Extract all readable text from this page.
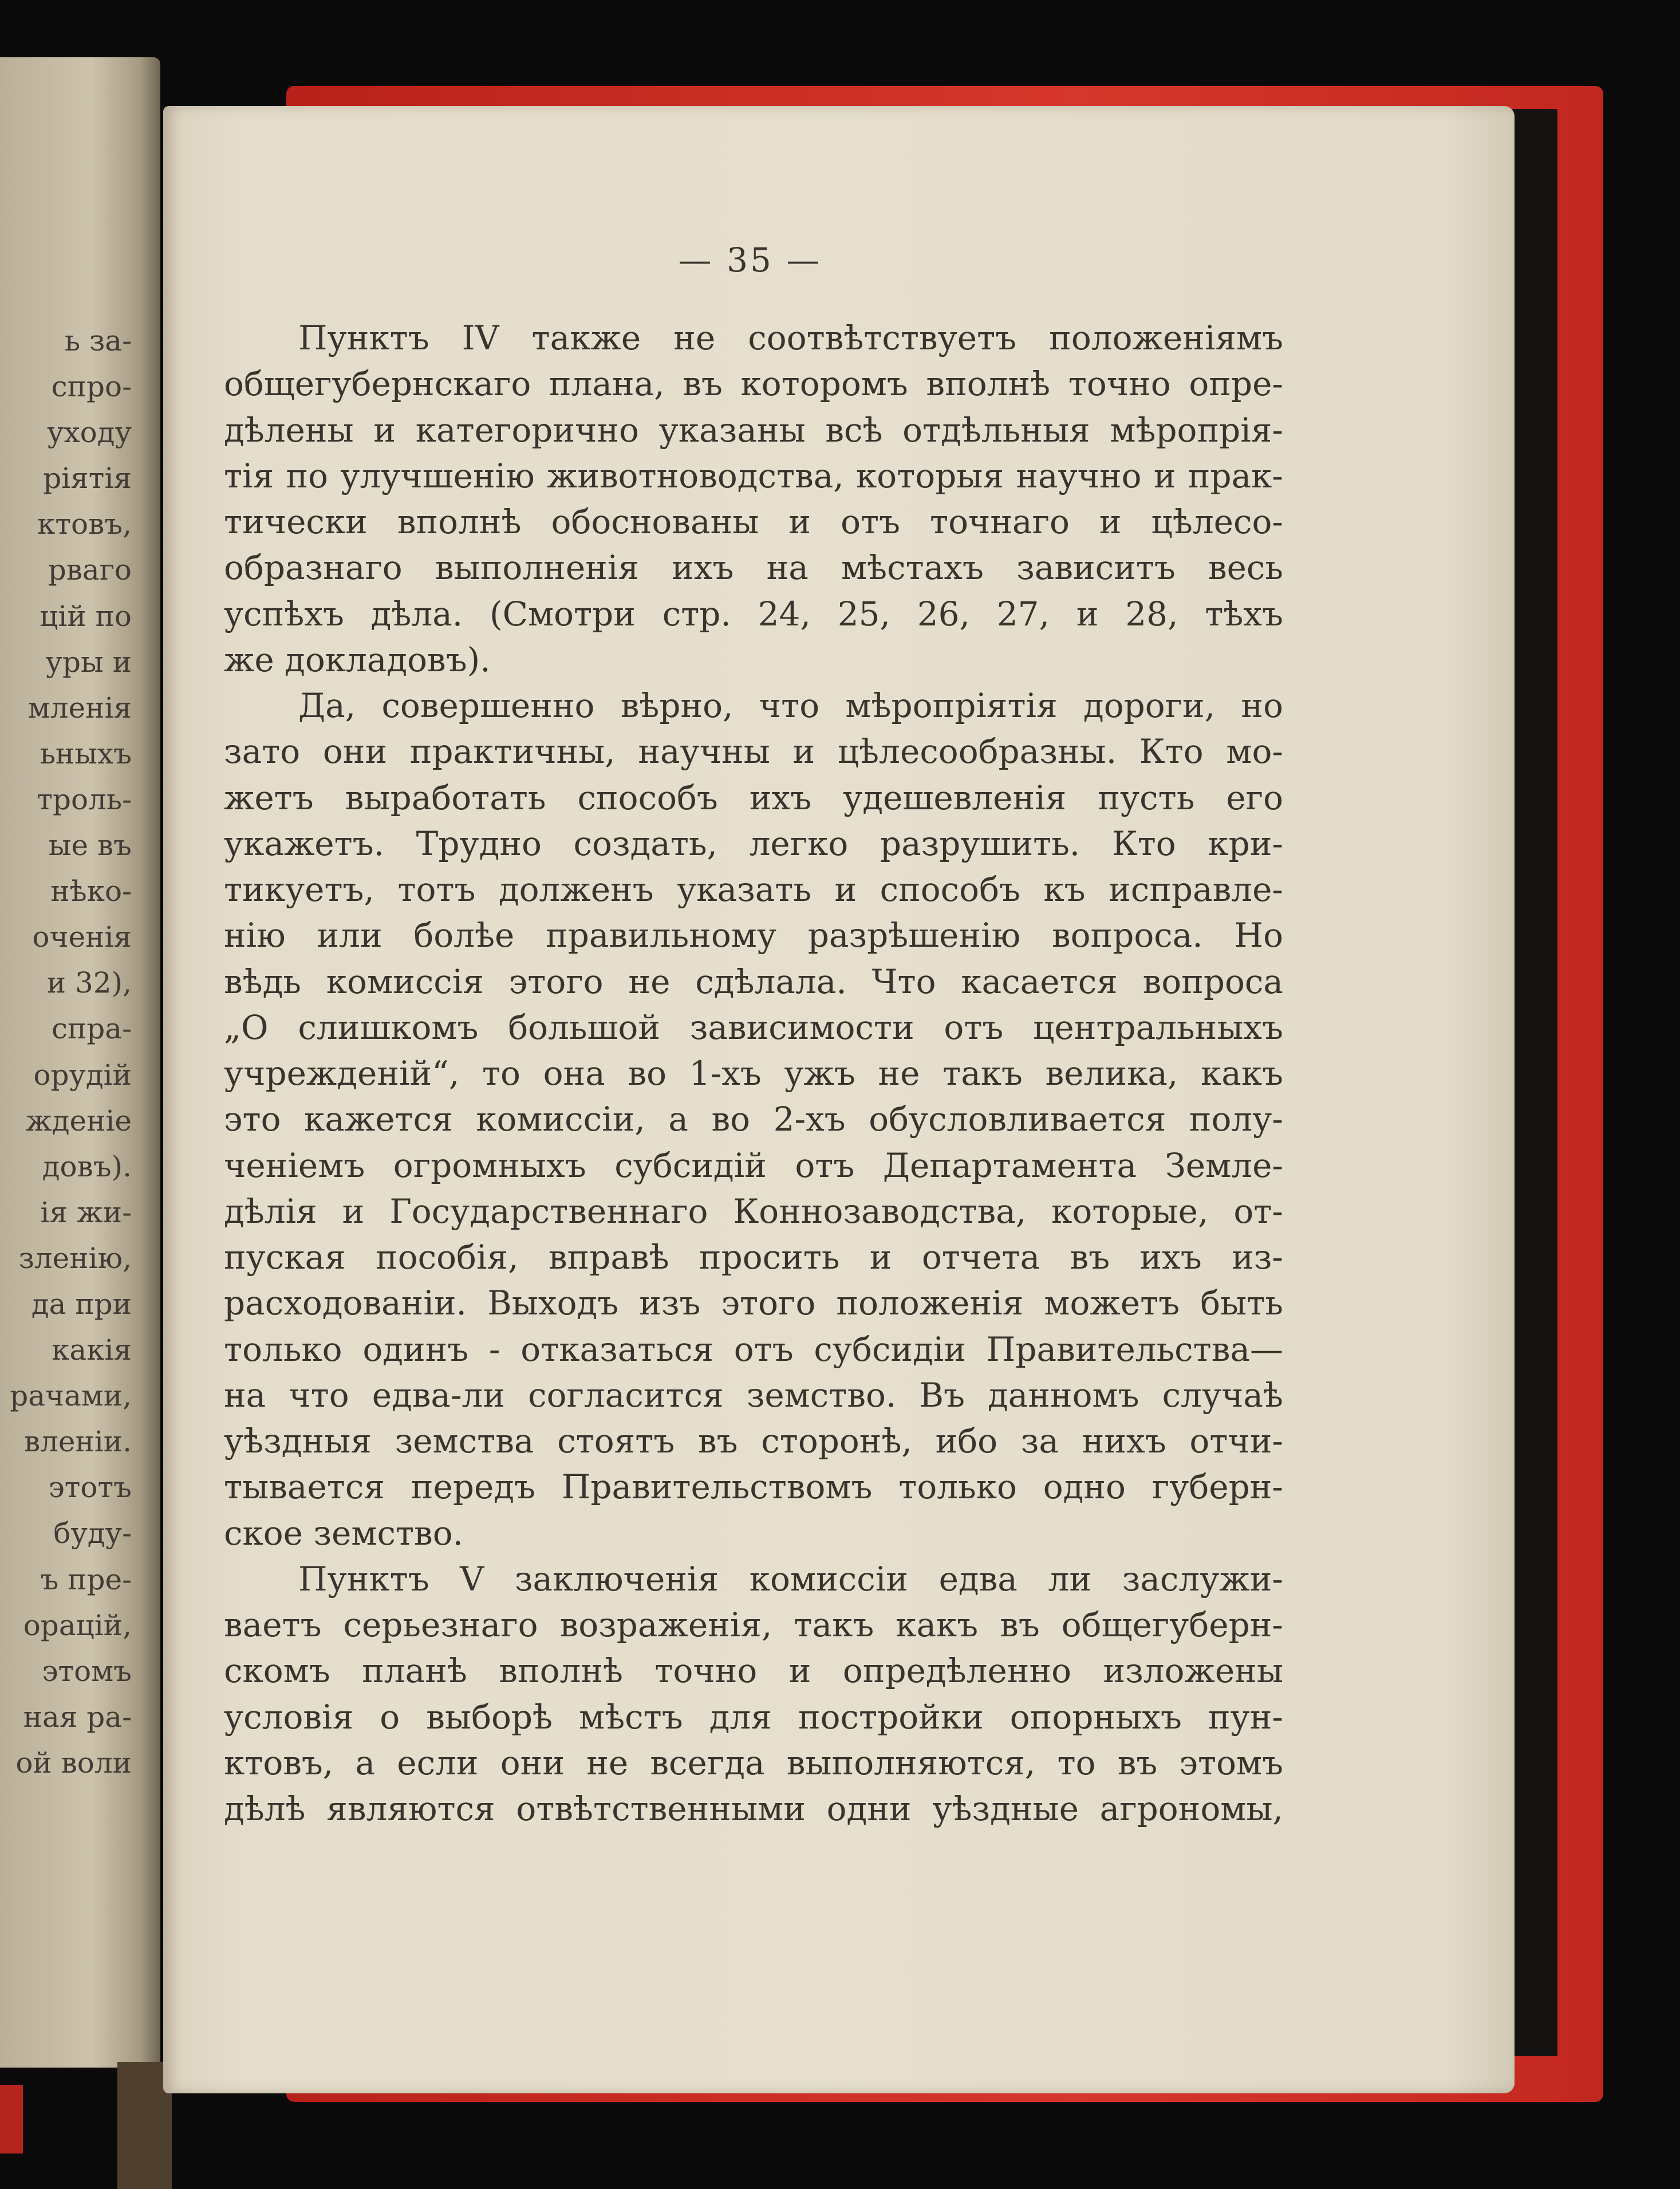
ь за-
спро-
уходу
ріятія
ктовъ,
рваго
цій по
уры и
мленія
ьныхъ
троль-
ые въ
нѣко-
оченія
и 32),
спра-
орудій
жденіе
довъ).
ія жи-
зленію,
да при
какія
рачами,
вленіи.
этотъ
буду-
ъ пре-
орацій,
этомъ
ная ра-
ой воли
— 35 —
Пунктъ IV также не соотвѣтствуетъ положеніямъ
общегубернскаго плана, въ которомъ вполнѣ точно опре-
дѣлены и категорично указаны всѣ отдѣльныя мѣропрія-
тія по улучшенію животноводства, которыя научно и прак-
тически вполнѣ обоснованы и отъ точнаго и цѣлесо-
образнаго выполненія ихъ на мѣстахъ зависитъ весь
успѣхъ дѣла. (Смотри стр. 24, 25, 26, 27, и 28, тѣхъ
же докладовъ).
Да, совершенно вѣрно, что мѣропріятія дороги, но
зато они практичны, научны и цѣлесообразны. Кто мо-
жетъ выработать способъ ихъ удешевленія пусть его
укажетъ. Трудно создать, легко разрушить. Кто кри-
тикуетъ, тотъ долженъ указать и способъ къ исправле-
нію или болѣе правильному разрѣшенію вопроса. Но
вѣдь комиссія этого не сдѣлала. Что касается вопроса
„О слишкомъ большой зависимости отъ центральныхъ
учрежденій“, то она во 1-хъ ужъ не такъ велика, какъ
это кажется комиссіи, а во 2-хъ обусловливается полу-
ченіемъ огромныхъ субсидій отъ Департамента Земле-
дѣлія и Государственнаго Коннозаводства, которые, от-
пуская пособія, вправѣ просить и отчета въ ихъ из-
расходованіи. Выходъ изъ этого положенія можетъ быть
только одинъ - отказаться отъ субсидіи Правительства—
на что едва-ли согласится земство. Въ данномъ случаѣ
уѣздныя земства стоятъ въ сторонѣ, ибо за нихъ отчи-
тывается передъ Правительствомъ только одно губерн-
ское земство.
Пунктъ V заключенія комиссіи едва ли заслужи-
ваетъ серьезнаго возраженія, такъ какъ въ общегуберн-
скомъ планѣ вполнѣ точно и опредѣленно изложены
условія о выборѣ мѣстъ для постройки опорныхъ пун-
ктовъ, а если они не всегда выполняются, то въ этомъ
дѣлѣ являются отвѣтственными одни уѣздные агрономы,
